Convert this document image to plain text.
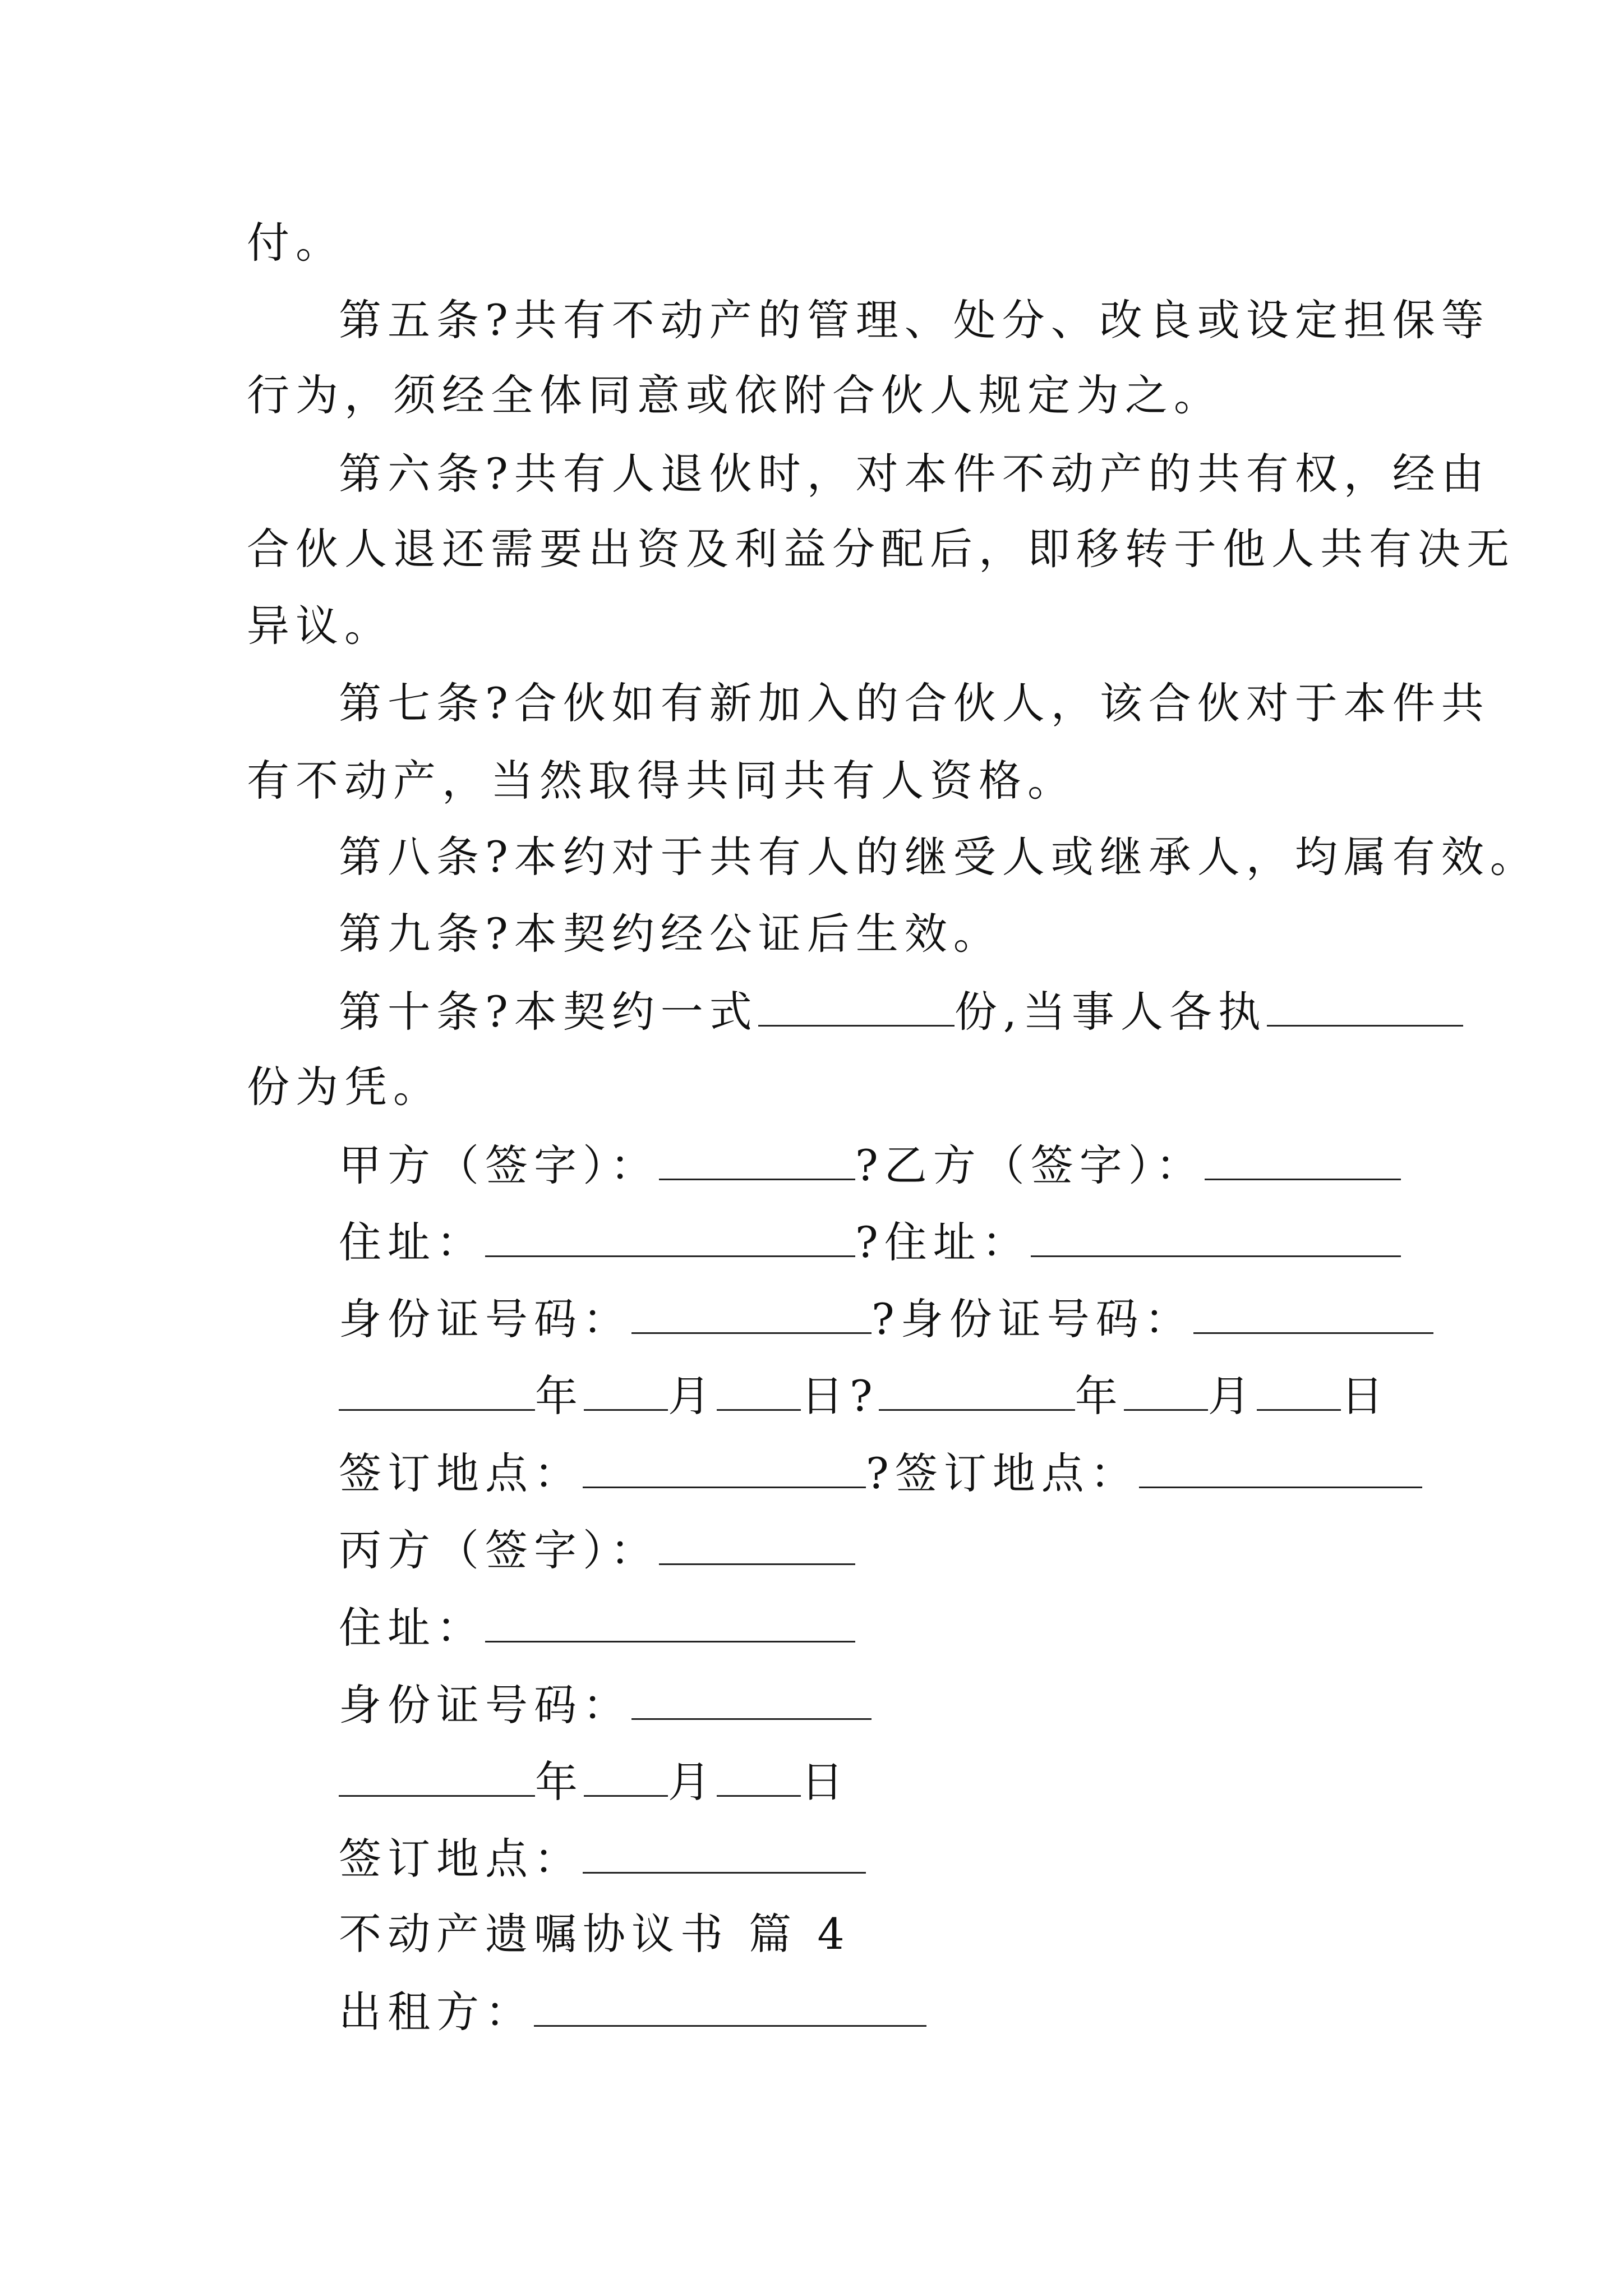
付。
第五条?共有不动产的管理、处分、改良或设定担保等
行为，须经全体同意或依附合伙人规定为之。
第六条?共有人退伙时，对本件不动产的共有权，经由
合伙人退还需要出资及利益分配后，即移转于他人共有决无
异议。
第七条?合伙如有新加入的合伙人，该合伙对于本件共
有不动产，当然取得共同共有人资格。
第八条?本约对于共有人的继受人或继承人，均属有效。
第九条?本契约经公证后生效。
第十条?本契约一式	份,当事人各执
份为凭。
甲方（签字）：	?乙方（签字）：
住址：	?住址：
身份证号码：	?身份证号码：
年 月 日?	年 月 日
签订地点：	?签订地点：
丙方（签字）：
住址：
身份证号码：
年 月 日
签订地点：
不动产遗嘱协议书 篇 4
出租方：
